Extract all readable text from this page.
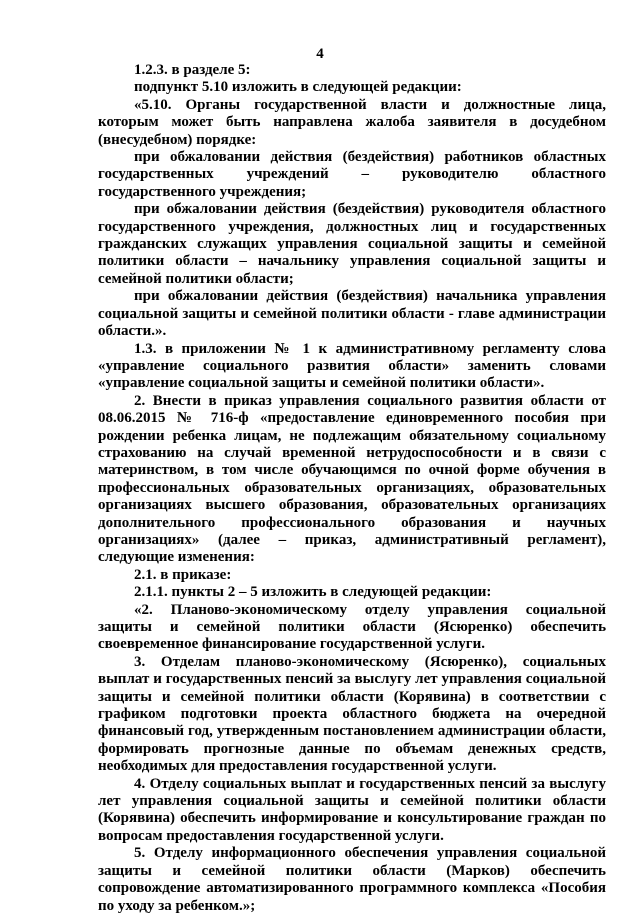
4

1.2.3. в разделе 5:

подпункт 5.10 изложить в следующей редакции:

«5.10. Органы государственной власти и должностные лица, которым может быть направлена жалоба заявителя в досудебном (внесудебном) порядке:

при обжаловании действия (бездействия) работников областных государственных учреждений – руководителю областного государственного учреждения;

при обжаловании действия (бездействия) руководителя областного государственного учреждения, должностных лиц и государственных гражданских служащих управления социальной защиты и семейной политики области – начальнику управления социальной защиты и семейной политики области;

при обжаловании действия (бездействия) начальника управления социальной защиты и семейной политики области - главе администрации области.».

1.3. в приложении № 1 к административному регламенту слова «управление социального развития области» заменить словами «управление социальной защиты и семейной политики области».

2. Внести в приказ управления социального развития области от 08.06.2015 № 716-ф «предоставление единовременного пособия при рождении ребенка лицам, не подлежащим обязательному социальному страхованию на случай временной нетрудоспособности и в связи с материнством, в том числе обучающимся по очной форме обучения в профессиональных образовательных организациях, образовательных организациях высшего образования, образовательных организациях дополнительного профессионального образования и научных организациях» (далее – приказ, административный регламент), следующие изменения:

2.1. в приказе:

2.1.1. пункты 2 – 5 изложить в следующей редакции:

«2. Планово-экономическому отделу управления социальной защиты и семейной политики области (Ясюренко) обеспечить своевременное финансирование государственной услуги.

3. Отделам планово-экономическому (Ясюренко), социальных выплат и государственных пенсий за выслугу лет управления социальной защиты и семейной политики области (Корявина) в соответствии с графиком подготовки проекта областного бюджета на очередной финансовый год, утвержденным постановлением администрации области, формировать прогнозные данные по объемам денежных средств, необходимых для предоставления государственной услуги.

4. Отделу социальных выплат и государственных пенсий за выслугу лет управления социальной защиты и семейной политики области (Корявина) обеспечить информирование и консультирование граждан по вопросам предоставления государственной услуги.

5. Отделу информационного обеспечения управления социальной защиты и семейной политики области (Марков) обеспечить сопровождение автоматизированного программного комплекса «Пособия по уходу за ребенком.»;
